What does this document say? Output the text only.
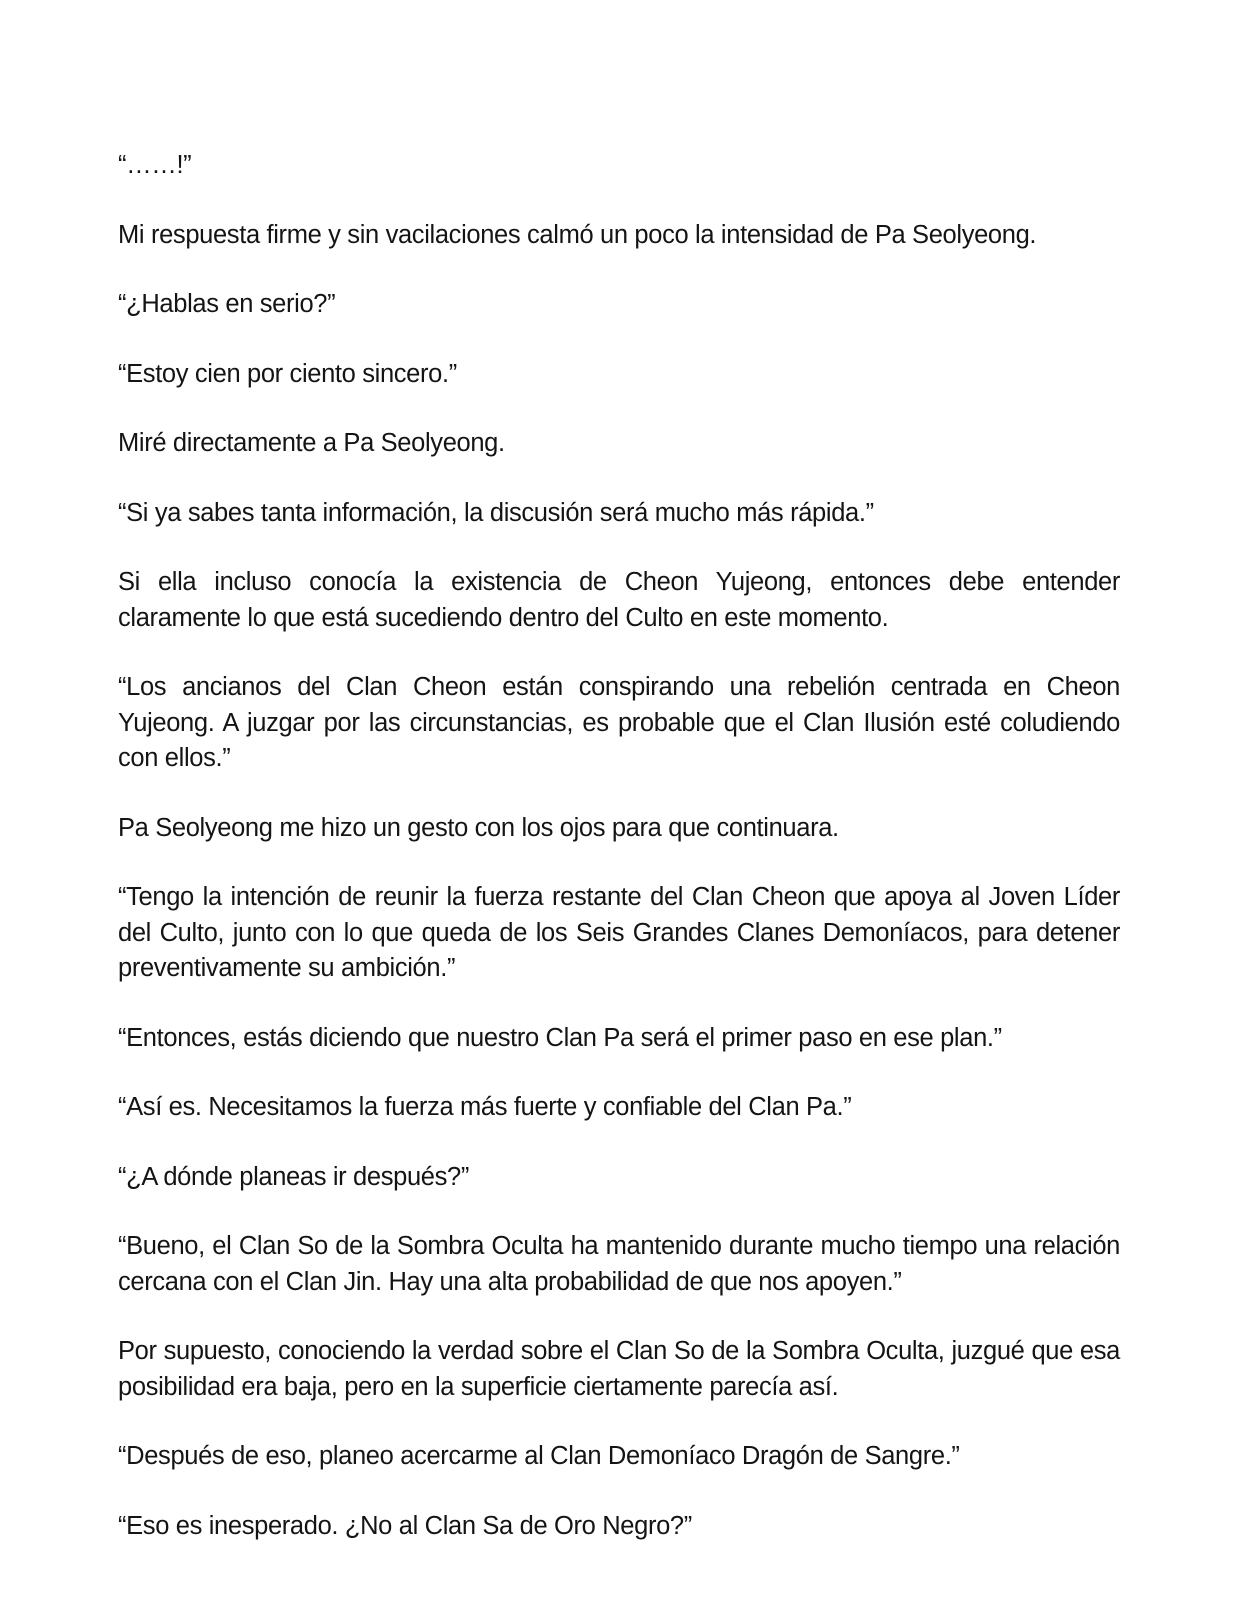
“……!”

Mi respuesta firme y sin vacilaciones calmó un poco la intensidad de Pa Seolyeong.

“¿Hablas en serio?”

“Estoy cien por ciento sincero.”

Miré directamente a Pa Seolyeong.

“Si ya sabes tanta información, la discusión será mucho más rápida.”

Si ella incluso conocía la existencia de Cheon Yujeong, entonces debe entender claramente lo que está sucediendo dentro del Culto en este momento.

“Los ancianos del Clan Cheon están conspirando una rebelión centrada en Cheon Yujeong. A juzgar por las circunstancias, es probable que el Clan Ilusión esté coludiendo con ellos.”

Pa Seolyeong me hizo un gesto con los ojos para que continuara.

“Tengo la intención de reunir la fuerza restante del Clan Cheon que apoya al Joven Líder del Culto, junto con lo que queda de los Seis Grandes Clanes Demoníacos, para detener preventivamente su ambición.”

“Entonces, estás diciendo que nuestro Clan Pa será el primer paso en ese plan.”

“Así es. Necesitamos la fuerza más fuerte y confiable del Clan Pa.”

“¿A dónde planeas ir después?”

“Bueno, el Clan So de la Sombra Oculta ha mantenido durante mucho tiempo una relación cercana con el Clan Jin. Hay una alta probabilidad de que nos apoyen.”

Por supuesto, conociendo la verdad sobre el Clan So de la Sombra Oculta, juzgué que esa posibilidad era baja, pero en la superficie ciertamente parecía así.

“Después de eso, planeo acercarme al Clan Demoníaco Dragón de Sangre.”

“Eso es inesperado. ¿No al Clan Sa de Oro Negro?”
